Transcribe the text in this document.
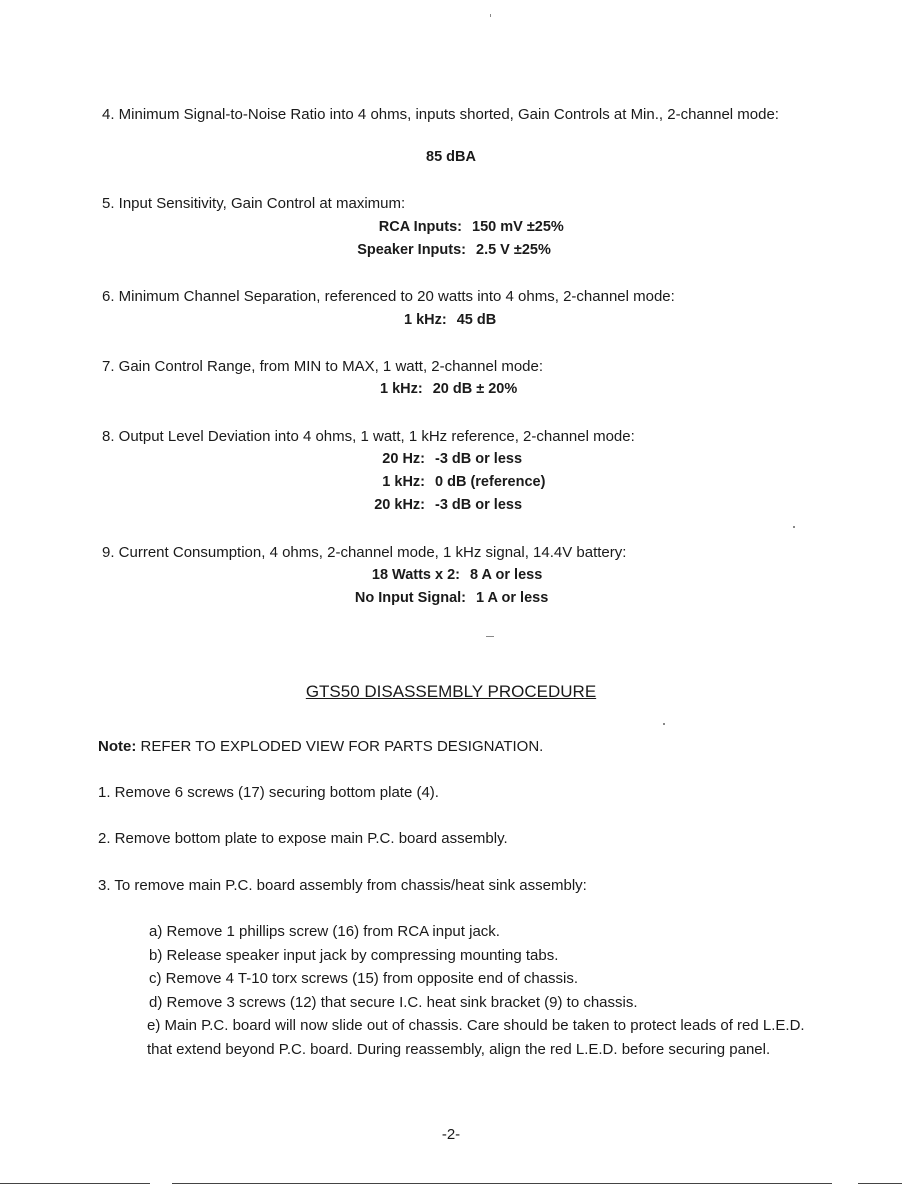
4. Minimum Signal-to-Noise Ratio into 4 ohms, inputs shorted, Gain Controls at Min., 2-channel mode:
85 dBA
5. Input Sensitivity, Gain Control at maximum:
RCA Inputs: 150 mV ±25%
Speaker Inputs: 2.5 V ±25%
6. Minimum Channel Separation, referenced to 20 watts into 4 ohms, 2-channel mode:
1 kHz: 45 dB
7. Gain Control Range, from MIN to MAX, 1 watt, 2-channel mode:
1 kHz: 20 dB ± 20%
8. Output Level Deviation into 4 ohms, 1 watt, 1 kHz reference, 2-channel mode:
20 Hz: -3 dB or less
1 kHz: 0 dB (reference)
20 kHz: -3 dB or less
9. Current Consumption, 4 ohms, 2-channel mode, 1 kHz signal, 14.4V battery:
18 Watts x 2: 8 A or less
No Input Signal: 1 A or less
GTS50 DISASSEMBLY PROCEDURE
Note: REFER TO EXPLODED VIEW FOR PARTS DESIGNATION.
1. Remove 6 screws (17) securing bottom plate (4).
2. Remove bottom plate to expose main P.C. board assembly.
3. To remove main P.C. board assembly from chassis/heat sink assembly:
a) Remove 1 phillips screw (16) from RCA input jack.
b) Release speaker input jack by compressing mounting tabs.
c) Remove 4 T-10 torx screws (15) from opposite end of chassis.
d) Remove 3 screws (12) that secure I.C. heat sink bracket (9) to chassis.
e) Main P.C. board will now slide out of chassis. Care should be taken to protect leads of red L.E.D. that extend beyond P.C. board. During reassembly, align the red L.E.D. before securing panel.
-2-
